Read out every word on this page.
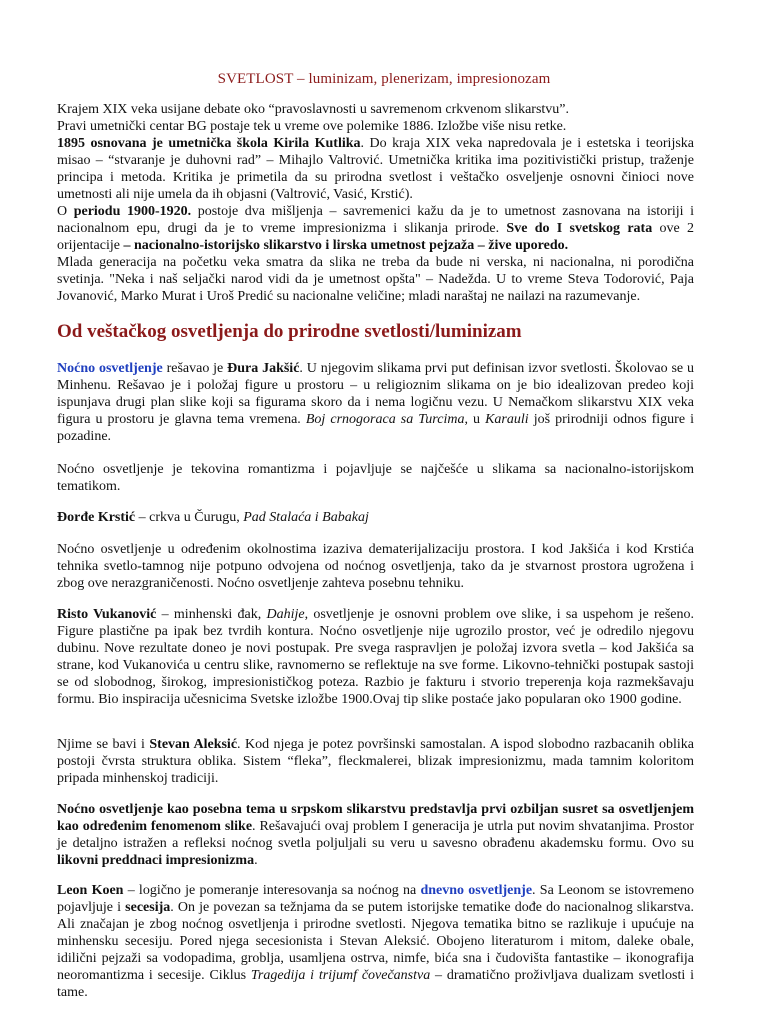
SVETLOST – luminizam, plenerizam, impresionozam

Krajem XIX veka usijane debate oko “pravoslavnosti u savremenom crkvenom slikarstvu”.

Pravi umetnički centar BG postaje tek u vreme ove polemike 1886. Izložbe više nisu retke.

1895 osnovana je umetnička škola Kirila Kutlika. Do kraja XIX veka napredovala je i estetska i teorijska misao – “stvaranje je duhovni rad” – Mihajlo Valtrović. Umetnička kritika ima pozitivistički pristup, traženje principa i metoda. Kritika je primetila da su prirodna svetlost i veštačko osveljenje osnovni činioci nove umetnosti ali nije umela da ih objasni (Valtrović, Vasić, Krstić).

O periodu 1900-1920. postoje dva mišljenja – savremenici kažu da je to umetnost zasnovana na istoriji i nacionalnom epu, drugi da je to vreme impresionizma i slikanja prirode. Sve do I svetskog rata ove 2 orijentacije – nacionalno-istorijsko slikarstvo i lirska umetnost pejzaža – žive uporedo.

Mlada generacija na početku veka smatra da slika ne treba da bude ni verska, ni nacionalna, ni porodična svetinja. "Neka i naš seljački narod vidi da je umetnost opšta" – Nadežda. U to vreme Steva Todorović, Paja Jovanović, Marko Murat i Uroš Predić su nacionalne veličine; mladi naraštaj ne nailazi na razumevanje.

Od veštačkog osvetljenja do prirodne svetlosti/luminizam

Noćno osvetljenje rešavao je Đura Jakšić. U njegovim slikama prvi put definisan izvor svetlosti. Školovao se u Minhenu. Rešavao je i položaj figure u prostoru – u religioznim slikama on je bio idealizovan predeo koji ispunjava drugi plan slike koji sa figurama skoro da i nema logičnu vezu. U Nemačkom slikarstvu XIX veka figura u prostoru je glavna tema vremena. Boj crnogoraca sa Turcima, u Karauli još prirodniji odnos figure i pozadine.

Noćno osvetljenje je tekovina romantizma i pojavljuje se najčešće u slikama sa nacionalno-istorijskom tematikom.

Đorđe Krstić – crkva u Čurugu, Pad Stalaća i Babakaj

Noćno osvetljenje u određenim okolnostima izaziva dematerijalizaciju prostora. I kod Jakšića i kod Krstića tehnika svetlo-tamnog nije potpuno odvojena od noćnog osvetljenja, tako da je stvarnost prostora ugrožena i zbog ove nerazgraničenosti. Noćno osvetljenje zahteva posebnu tehniku.

Risto Vukanović – minhenski đak, Dahije, osvetljenje je osnovni problem ove slike, i sa uspehom je rešeno. Figure plastične pa ipak bez tvrdih kontura. Noćno osvetljenje nije ugrozilo prostor, već je odredilo njegovu dubinu. Nove rezultate doneo je novi postupak. Pre svega raspravljen je položaj izvora svetla – kod Jakšića sa strane, kod Vukanovića u centru slike, ravnomerno se reflektuje na sve forme. Likovno-tehnički postupak sastoji se od slobodnog, širokog, impresionističkog poteza. Razbio je fakturu i stvorio treperenja koja razmekšavaju formu. Bio inspiracija učesnicima Svetske izložbe 1900.Ovaj tip slike postaće jako popularan oko 1900 godine.

Njime se bavi i Stevan Aleksić. Kod njega je potez površinski samostalan. A ispod slobodno razbacanih oblika postoji čvrsta struktura oblika. Sistem “fleka”, fleckmalerei, blizak impresionizmu, mada tamnim koloritom pripada minhenskoj tradiciji.

Noćno osvetljenje kao posebna tema u srpskom slikarstvu predstavlja prvi ozbiljan susret sa osvetljenjem kao određenim fenomenom slike. Rešavajući ovaj problem I generacija je utrla put novim shvatanjima. Prostor je detaljno istražen a refleksi noćnog svetla poljuljali su veru u savesno obrađenu akademsku formu. Ovo su likovni preddnaci impresionizma.

Leon Koen – logično je pomeranje interesovanja sa noćnog na dnevno osvetljenje. Sa Leonom se istovremeno pojavljuje i secesija. On je povezan sa težnjama da se putem istorijske tematike dođe do nacionalnog slikarstva. Ali značajan je zbog noćnog osvetljenja i prirodne svetlosti. Njegova tematika bitno se razlikuje i upućuje na minhensku secesiju. Pored njega secesionista i Stevan Aleksić. Obojeno literaturom i mitom, daleke obale, idilični pejzaži sa vodopadima, groblja, usamljena ostrva, nimfe, bića sna i čudovišta fantastike – ikonografija neoromantizma i secesije. Ciklus Tragedija i trijumf čovečanstva – dramatično proživljava dualizam svetlosti i tame.
